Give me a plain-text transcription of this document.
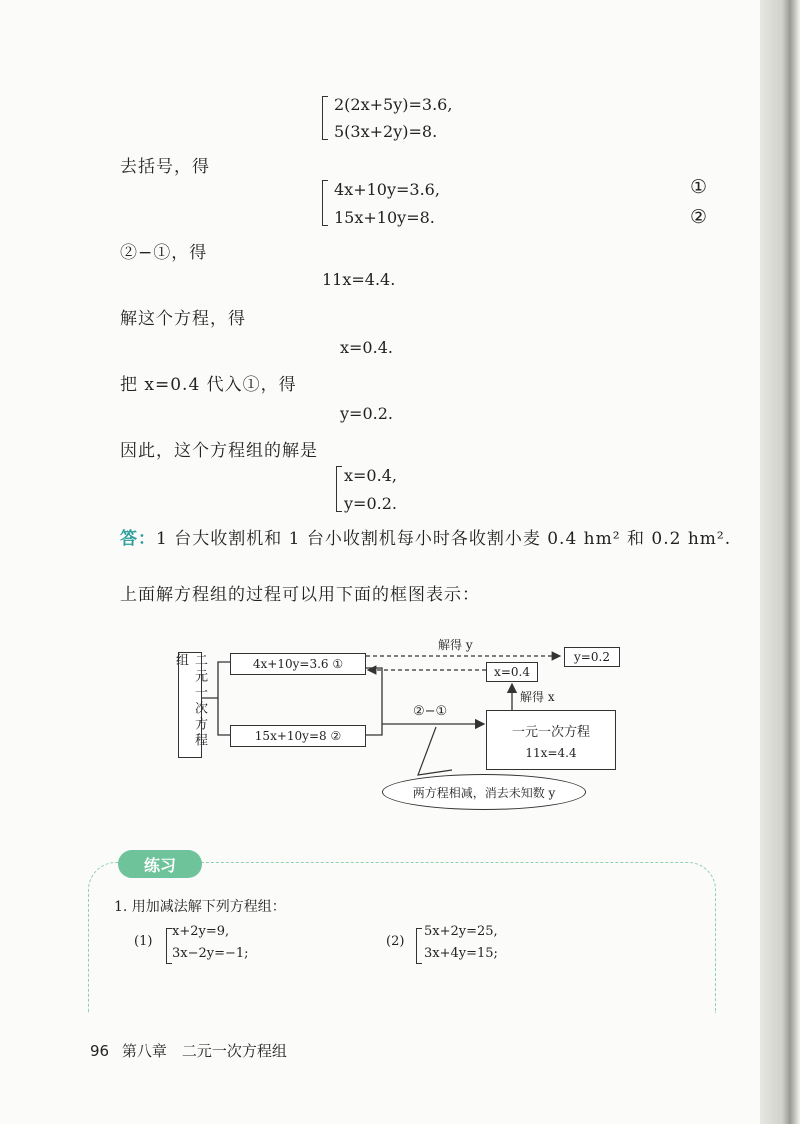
2(2x+5y)=3.6,
5(3x+2y)=8.
去括号，得
4x+10y=3.6,
15x+10y=8.
①
②
②−①，得
11x=4.4.
解这个方程，得
x=0.4.
把 x=0.4 代入①，得
y=0.2.
因此，这个方程组的解是
x=0.4,
y=0.2.
答：1 台大收割机和 1 台小收割机每小时各收割小麦 0.4 hm² 和 0.2 hm².
上面解方程组的过程可以用下面的框图表示：
二元一次方程组	4x+10y=3.6 ①
15x+10y=8 ②
②−①
一元一次方程
11x=4.4
解得 x
x=0.4
解得 y
y=0.2
两方程相减，消去未知数 y
练习
1. 用加减法解下列方程组：
(1)
x+2y=9,
3x−2y=−1;
(2)
5x+2y=25,
3x+4y=15;
96 第八章　二元一次方程组
